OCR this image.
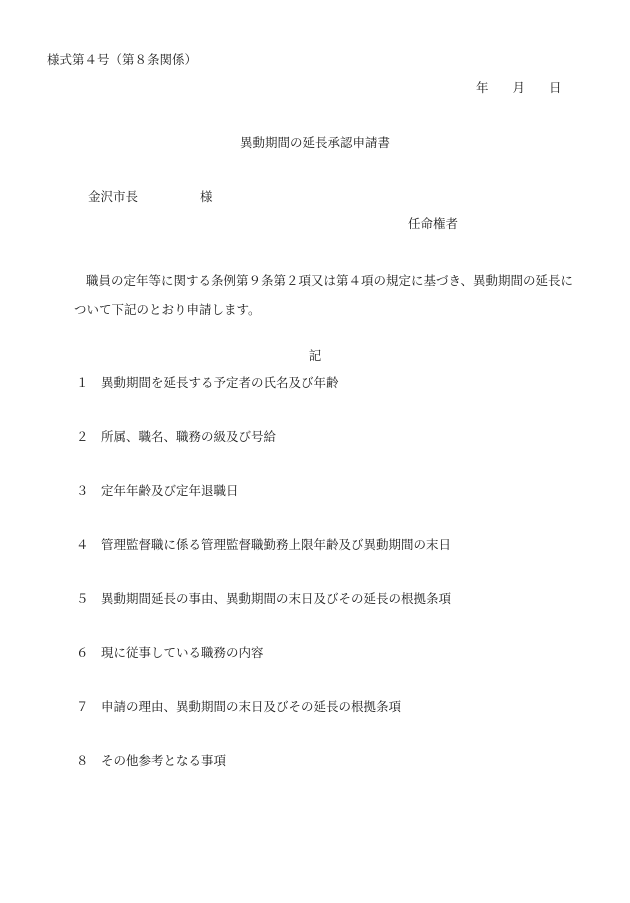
様式第４号（第８条関係）
年 月 日
異動期間の延長承認申請書
金沢市長	様
任命権者
職員の定年等に関する条例第９条第２項又は第４項の規定に基づき、異動期間の延長について下記のとおり申請します。
記
１ 異動期間を延長する予定者の氏名及び年齢
２ 所属、職名、職務の級及び号給
３ 定年年齢及び定年退職日
４ 管理監督職に係る管理監督職勤務上限年齢及び異動期間の末日
５ 異動期間延長の事由、異動期間の末日及びその延長の根拠条項
６ 現に従事している職務の内容
７ 申請の理由、異動期間の末日及びその延長の根拠条項
８ その他参考となる事項
